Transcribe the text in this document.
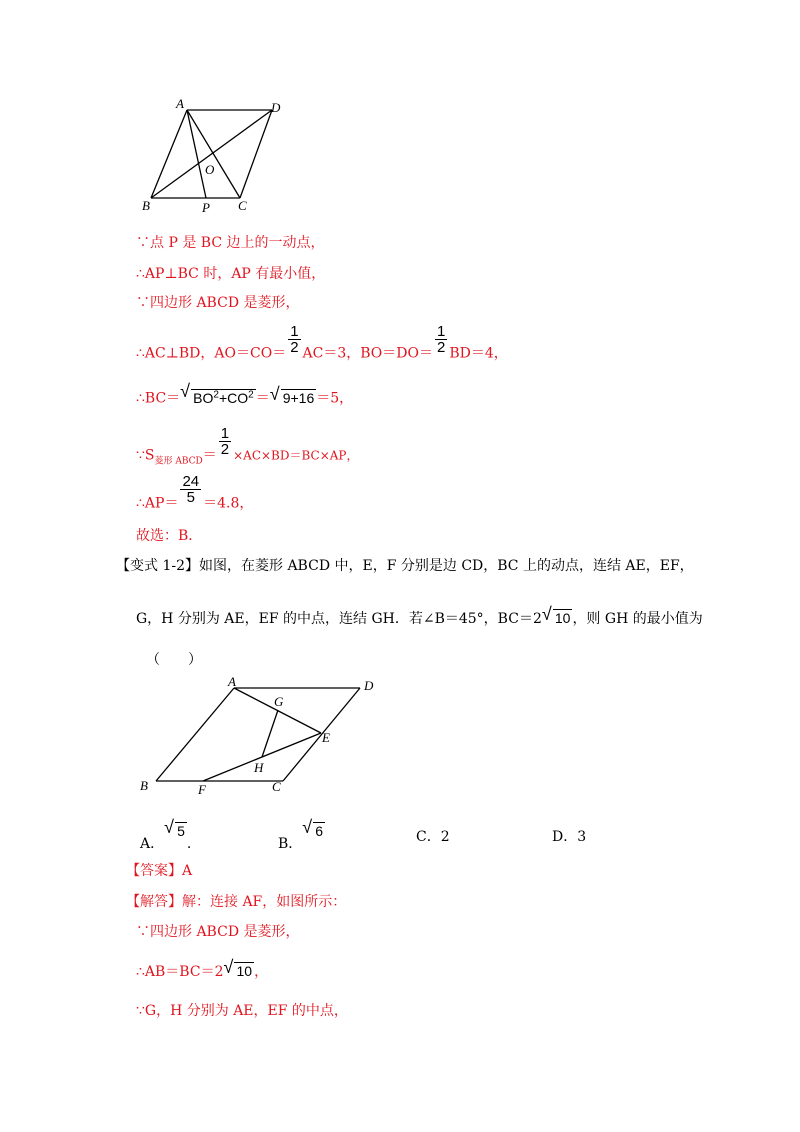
A	D
O
B	P C
∵点 P 是 BC 边上的一动点，
∴AP⊥BC 时，AP 有最小值，
∵四边形 ABCD 是菱形，
∴AC⊥BD，$AO=CO= \frac{1}{2} AC=3$，$BO=DO= \frac{1}{2} BD=4$，
∴BC＝ √ $BO^2+CO^2$ ＝ √ 9+16 ＝5，
$\because S_{菱形 ABCD}= \frac{1}{2} \times AC\times BD=BC\times AP$，
∴AP＝ $\frac{24}{5} =4.8$，
故选：B．
【变式 1-2】如图，在菱形 ABCD 中，E，F 分别是边 CD，BC 上的动点，连结 AE，EF，
G，H 分别为 AE，EF 的中点，连结 GH．若∠B＝45°，BC＝2 √ 10 ，则 GH 的最小值为
（　　）
A	D
G
E
H
B	F	C
A．
√ 5.	B．
√ 6	C．2	D．3
【答案】A
【解答】解：连接 AF，如图所示：
∵四边形 ABCD 是菱形，
∴AB＝BC＝2 √ 10 ，
∵G，H 分别为 AE，EF 的中点，
